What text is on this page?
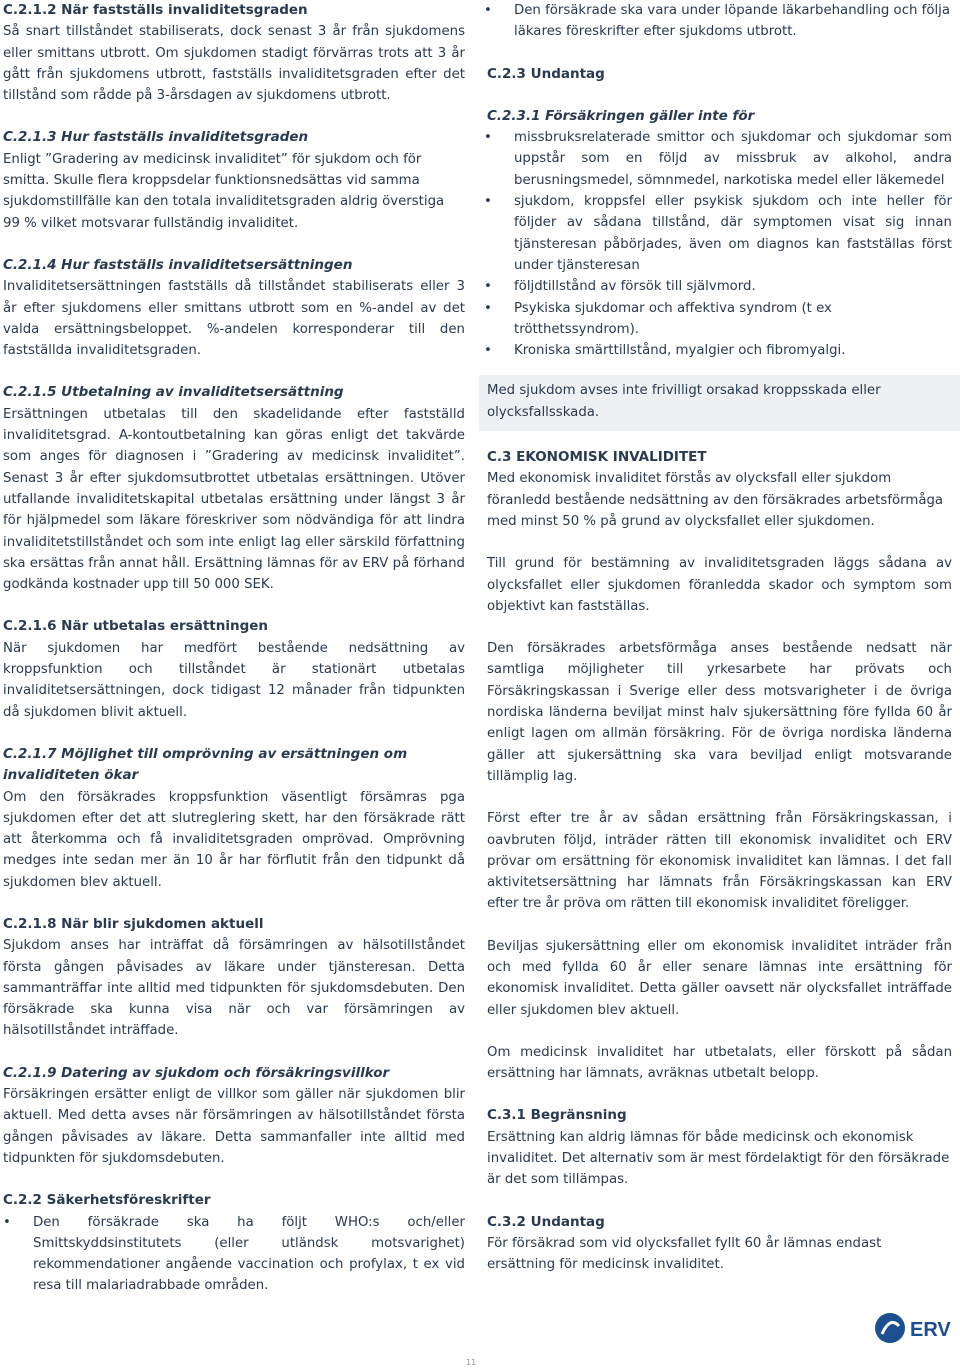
C.2.1.2 När fastställs invaliditetsgraden

Så snart tillståndet stabiliserats, dock senast 3 år från sjukdomens eller smittans utbrott. Om sjukdomen stadigt förvärras trots att 3 år gått från sjukdomens utbrott, fastställs invaliditetsgraden efter det tillstånd som rådde på 3-årsdagen av sjukdomens utbrott.

C.2.1.3 Hur fastställs invaliditetsgraden

Enligt ”Gradering av medicinsk invaliditet” för sjukdom och för smitta. Skulle flera kroppsdelar funktionsnedsättas vid samma sjukdomstillfälle kan den totala invaliditetsgraden aldrig överstiga 99 % vilket motsvarar fullständig invaliditet.

C.2.1.4 Hur fastställs invaliditetsersättningen

Invaliditetsersättningen fastställs då tillståndet stabiliserats eller 3 år efter sjukdomens eller smittans utbrott som en %-andel av det valda ersättningsbeloppet. %-andelen korresponderar till den fastställda invaliditetsgraden.

C.2.1.5 Utbetalning av invaliditetsersättning

Ersättningen utbetalas till den skadelidande efter fastställd invaliditetsgrad. A-kontoutbetalning kan göras enligt det takvärde som anges för diagnosen i ”Gradering av medicinsk invaliditet”. Senast 3 år efter sjukdomsutbrottet utbetalas ersättningen. Utöver utfallande invaliditetskapital utbetalas ersättning under längst 3 år för hjälpmedel som läkare föreskriver som nödvändiga för att lindra invaliditetstillståndet och som inte enligt lag eller särskild författning ska ersättas från annat håll. Ersättning lämnas för av ERV på förhand godkända kostnader upp till 50 000 SEK.

C.2.1.6 När utbetalas ersättningen

När sjukdomen har medfört bestående nedsättning av kroppsfunktion och tillståndet är stationärt utbetalas invaliditetsersättningen, dock tidigast 12 månader från tidpunkten då sjukdomen blivit aktuell.

C.2.1.7 Möjlighet till omprövning av ersättningen om invaliditeten ökar

Om den försäkrades kroppsfunktion väsentligt försämras pga sjukdomen efter det att slutreglering skett, har den försäkrade rätt att återkomma och få invaliditetsgraden omprövad. Omprövning medges inte sedan mer än 10 år har förflutit från den tidpunkt då sjukdomen blev aktuell.

C.2.1.8 När blir sjukdomen aktuell

Sjukdom anses har inträffat då försämringen av hälsotillståndet första gången påvisades av läkare under tjänsteresan. Detta sammanträffar inte alltid med tidpunkten för sjukdomsdebuten. Den försäkrade ska kunna visa när och var försämringen av hälsotillståndet inträffade.

C.2.1.9 Datering av sjukdom och försäkringsvillkor

Försäkringen ersätter enligt de villkor som gäller när sjukdomen blir aktuell. Med detta avses när försämringen av hälsotillståndet första gången påvisades av läkare. Detta sammanfaller inte alltid med tidpunkten för sjukdomsdebuten.

C.2.2 Säkerhetsföreskrifter
• Den försäkrade ska ha följt WHO:s och/eller Smittskyddsinstitutets (eller utländsk motsvarighet) rekommendationer angående vaccination och profylax, t ex vid resa till malariadrabbade områden.
• Den försäkrade ska vara under löpande läkarbehandling och följa läkares föreskrifter efter sjukdoms utbrott.
C.2.3 Undantag
C.2.3.1 Försäkringen gäller inte för
• missbruksrelaterade smittor och sjukdomar och sjukdomar som uppstår som en följd av missbruk av alkohol, andra berusningsmedel, sömnmedel, narkotiska medel eller läkemedel
• sjukdom, kroppsfel eller psykisk sjukdom och inte heller för följder av sådana tillstånd, där symptomen visat sig innan tjänsteresan påbörjades, även om diagnos kan fastställas först under tjänsteresan
• följdtillstånd av försök till självmord.
• Psykiska sjukdomar och affektiva syndrom (t ex trötthetssyndrom).
• Kroniska smärttillstånd, myalgier och fibromyalgi.

Med sjukdom avses inte frivilligt orsakad kroppsskada eller olycksfallsskada.

C.3 EKONOMISK INVALIDITET

Med ekonomisk invaliditet förstås av olycksfall eller sjukdom föranledd bestående nedsättning av den försäkrades arbetsförmåga med minst 50 % på grund av olycksfallet eller sjukdomen.

Till grund för bestämning av invaliditetsgraden läggs sådana av olycksfallet eller sjukdomen föranledda skador och symptom som objektivt kan fastställas.

Den försäkrades arbetsförmåga anses bestående nedsatt när samtliga möjligheter till yrkesarbete har prövats och Försäkringskassan i Sverige eller dess motsvarigheter i de övriga nordiska länderna beviljat minst halv sjukersättning före fyllda 60 år enligt lagen om allmän försäkring. För de övriga nordiska länderna gäller att sjukersättning ska vara beviljad enligt motsvarande tillämplig lag.

Först efter tre år av sådan ersättning från Försäkringskassan, i oavbruten följd, inträder rätten till ekonomisk invaliditet och ERV prövar om ersättning för ekonomisk invaliditet kan lämnas. I det fall aktivitetsersättning har lämnats från Försäkringskassan kan ERV efter tre år pröva om rätten till ekonomisk invaliditet föreligger.

Beviljas sjukersättning eller om ekonomisk invaliditet inträder från och med fyllda 60 år eller senare lämnas inte ersättning för ekonomisk invaliditet. Detta gäller oavsett när olycksfallet inträffade eller sjukdomen blev aktuell.

Om medicinsk invaliditet har utbetalats, eller förskott på sådan ersättning har lämnats, avräknas utbetalt belopp.

C.3.1 Begränsning

Ersättning kan aldrig lämnas för både medicinsk och ekonomisk invaliditet. Det alternativ som är mest fördelaktigt för den försäkrade är det som tillämpas.

C.3.2 Undantag

För försäkrad som vid olycksfallet fyllt 60 år lämnas endast ersättning för medicinsk invaliditet.

ERV
11
